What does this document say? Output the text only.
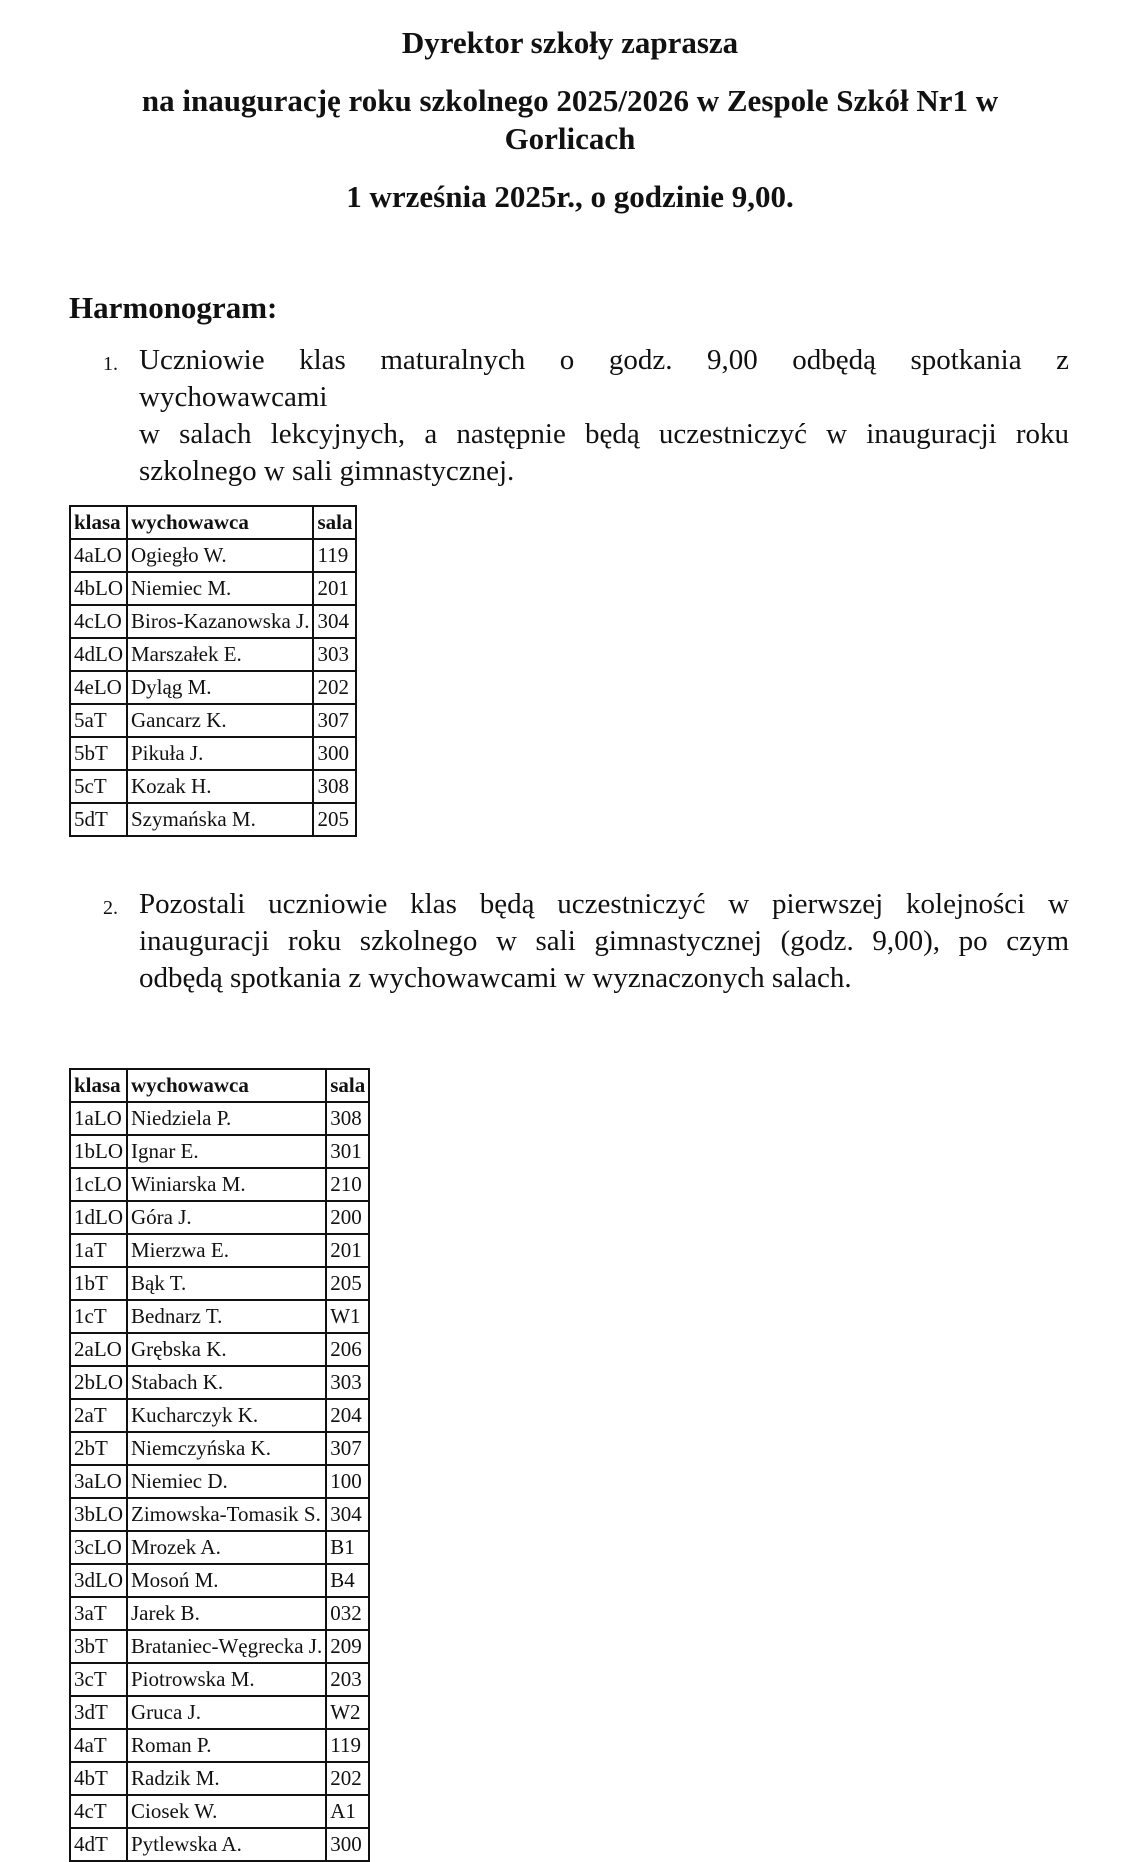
Dyrektor szkoły zaprasza
na inaugurację roku szkolnego 2025/2026 w Zespole Szkół Nr1 w
Gorlicach
1 września 2025r., o godzinie 9,00.
Harmonogram:
1. Uczniowie klas maturalnych o godz. 9,00 odbędą spotkania z
wychowawcami
w salach lekcyjnych, a następnie będą uczestniczyć w inauguracji roku
szkolnego w sali gimnastycznej.
klasa	wychowawca	sala
4aLO	Ogiegło W.	119
4bLO	Niemiec M.	201
4cLO	Biros-Kazanowska J.	304
4dLO	Marszałek E.	303
4eLO	Dyląg M.	202
5aT	Gancarz K.	307
5bT	Pikuła J.	300
5cT	Kozak H.	308
5dT	Szymańska M.	205
2. Pozostali uczniowie klas będą uczestniczyć w pierwszej kolejności w
inauguracji roku szkolnego w sali gimnastycznej (godz. 9,00), po czym
odbędą spotkania z wychowawcami w wyznaczonych salach.
klasa	wychowawca	sala
1aLO	Niedziela P.	308
1bLO	Ignar E.	301
1cLO	Winiarska M.	210
1dLO	Góra J.	200
1aT	Mierzwa E.	201
1bT	Bąk T.	205
1cT	Bednarz T.	W1
2aLO	Grębska K.	206
2bLO	Stabach K.	303
2aT	Kucharczyk K.	204
2bT	Niemczyńska K.	307
3aLO	Niemiec D.	100
3bLO	Zimowska-Tomasik S.	304
3cLO	Mrozek A.	B1
3dLO	Mosoń M.	B4
3aT	Jarek B.	032
3bT	Brataniec-Węgrecka J.	209
3cT	Piotrowska M.	203
3dT	Gruca J.	W2
4aT	Roman P.	119
4bT	Radzik M.	202
4cT	Ciosek W.	A1
4dT	Pytlewska A.	300
